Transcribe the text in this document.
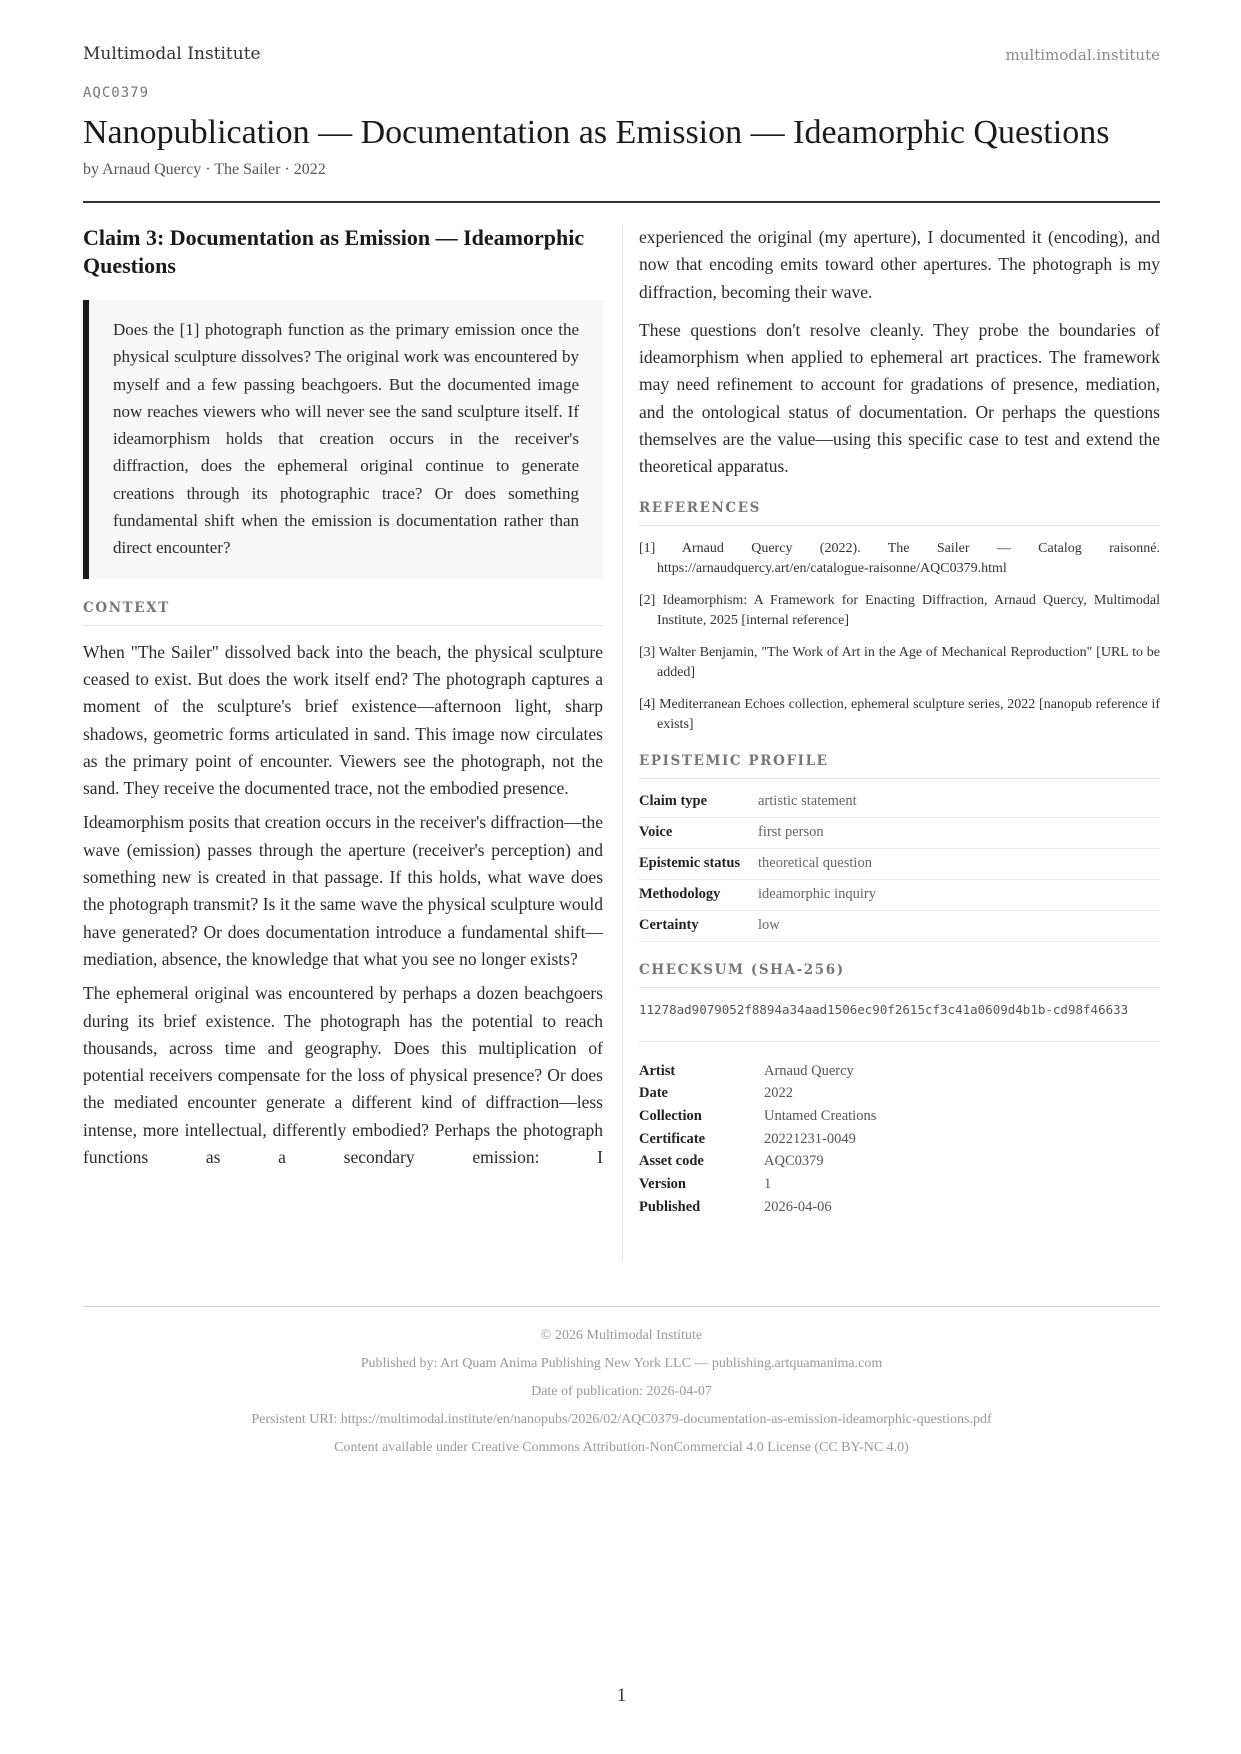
Multimodal Institute	multimodal.institute
AQC0379
Nanopublication — Documentation as Emission — Ideamorphic Questions
by Arnaud Quercy · The Sailer · 2022
Claim 3: Documentation as Emission — Ideamorphic Questions
Does the [1] photograph function as the primary emission once the physical sculpture dissolves? The original work was encountered by myself and a few passing beachgoers. But the documented image now reaches viewers who will never see the sand sculpture itself. If ideamorphism holds that creation occurs in the receiver's diffraction, does the ephemeral original continue to generate creations through its photographic trace? Or does something fundamental shift when the emission is documentation rather than direct encounter?
CONTEXT

When "The Sailer" dissolved back into the beach, the physical sculpture ceased to exist. But does the work itself end? The photograph captures a moment of the sculpture's brief existence—afternoon light, sharp shadows, geometric forms articulated in sand. This image now circulates as the primary point of encounter. Viewers see the photograph, not the sand. They receive the documented trace, not the embodied presence.

Ideamorphism posits that creation occurs in the receiver's diffraction—the wave (emission) passes through the aperture (receiver's perception) and something new is created in that passage. If this holds, what wave does the photograph transmit? Is it the same wave the physical sculpture would have generated? Or does documentation introduce a fundamental shift—mediation, absence, the knowledge that what you see no longer exists?

The ephemeral original was encountered by perhaps a dozen beachgoers during its brief existence. The photograph has the potential to reach thousands, across time and geography. Does this multiplication of potential receivers compensate for the loss of physical presence? Or does the mediated encounter generate a different kind of diffraction—less intense, more intellectual, differently embodied? Perhaps the photograph functions as a secondary emission: I

experienced the original (my aperture), I documented it (encoding), and now that encoding emits toward other apertures. The photograph is my diffraction, becoming their wave.

These questions don't resolve cleanly. They probe the boundaries of ideamorphism when applied to ephemeral art practices. The framework may need refinement to account for gradations of presence, mediation, and the ontological status of documentation. Or perhaps the questions themselves are the value—using this specific case to test and extend the theoretical apparatus.

REFERENCES
[1] Arnaud Quercy (2022). The Sailer — Catalog raisonné. https://arnaudquercy.art/en/catalogue-raisonne/AQC0379.html
[2] Ideamorphism: A Framework for Enacting Diffraction, Arnaud Quercy, Multimodal Institute, 2025 [internal reference]
[3] Walter Benjamin, "The Work of Art in the Age of Mechanical Reproduction" [URL to be added]
[4] Mediterranean Echoes collection, ephemeral sculpture series, 2022 [nanopub reference if exists]
EPISTEMIC PROFILE
Claim type	artistic statement
Voice	first person
Epistemic status	theoretical question
Methodology	ideamorphic inquiry
Certainty	low
CHECKSUM (SHA-256)
11278ad9079052f8894a34aad1506ec90f2615cf3c41a0609d4b1b-cd98f46633
Artist	Arnaud Quercy
Date	2022
Collection	Untamed Creations
Certificate	20221231-0049
Asset code	AQC0379
Version	1
Published	2026-04-06
© 2026 Multimodal Institute
Published by: Art Quam Anima Publishing New York LLC — publishing.artquamanima.com
Date of publication: 2026-04-07
Persistent URI: https://multimodal.institute/en/nanopubs/2026/02/AQC0379-documentation-as-emission-ideamorphic-questions.pdf
Content available under Creative Commons Attribution-NonCommercial 4.0 License (CC BY-NC 4.0)
1
